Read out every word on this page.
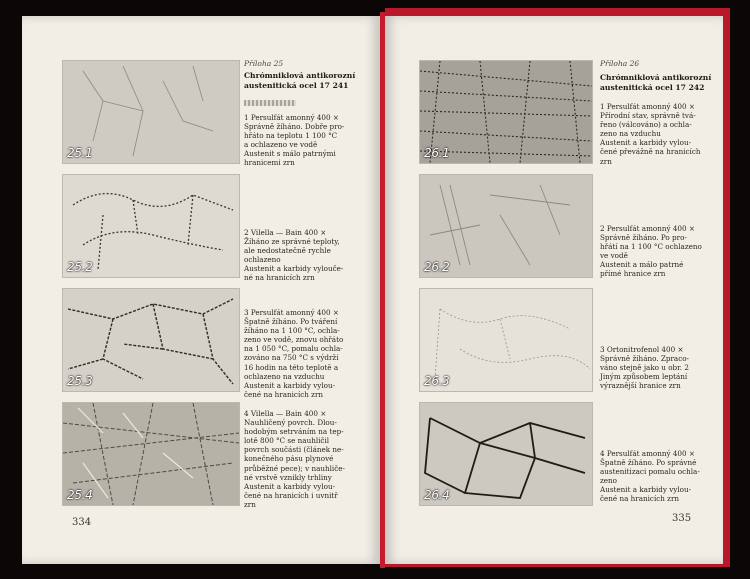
25.1
25.2
25.3
25.4
Příloha 25
Chrómniklová antikorozní
austenitická ocel 17 241
1 Persulfát amonný 400 ×
Správně žíháno. Dobře pro-
hřáto na teplotu 1 100 °C
a ochlazeno ve vodě
Austenit s málo patrnými
hranicemi zrn
2 Vilella — Bain 400 ×
Žíháno ze správné teploty,
ale nedostatečně rychle
ochlazeno
Austenit a karbidy vylouče-
né na hranicích zrn
3 Persulfát amonný 400 ×
Špatně žíháno. Po tváření
žíháno na 1 100 °C, ochla-
zeno ve vodě, znovu ohřáto
na 1 050 °C, pomalu ochla-
zováno na 750 °C s výdrží
16 hodin na této teplotě a
ochlazeno na vzduchu
Austenit a karbidy vylou-
čené na hranicích zrn
4 Vilella — Bain 400 ×
Nauhličený povrch. Dlou-
hodobým setrváním na tep-
lotě 800 °C se nauhličil
povrch součásti (článek ne-
konečného pásu plynové
průběžné pece); v nauhliče-
né vrstvě vznikly trhliny
Austenit a karbidy vylou-
čené na hranicích i uvnitř
zrn
334
26.1
26.2
26.3
26.4
Příloha 26
Chrómniklová antikorozní
austenitická ocel 17 242
1 Persulfát amonný 400 ×
Přírodní stav, správně tvá-
řeno (válcováno) a ochla-
zeno na vzduchu
Austenit a karbidy vylou-
čené převážně na hranicích
zrn
2 Persulfát amonný 400 ×
Správně žíháno. Po pro-
hřátí na 1 100 °C ochlazeno
ve vodě
Austenit a málo patrné
přímé hranice zrn
3 Ortonitrofenol 400 ×
Správně žíháno. Zpraco-
váno stejně jako u obr. 2
Jiným způsobem leptání
výraznější hranice zrn
4 Persulfát amonný 400 ×
Špatně žíháno. Po správné
austenitizaci pomalu ochla-
zeno
Austenit a karbidy vylou-
čené na hranicích zrn
335
